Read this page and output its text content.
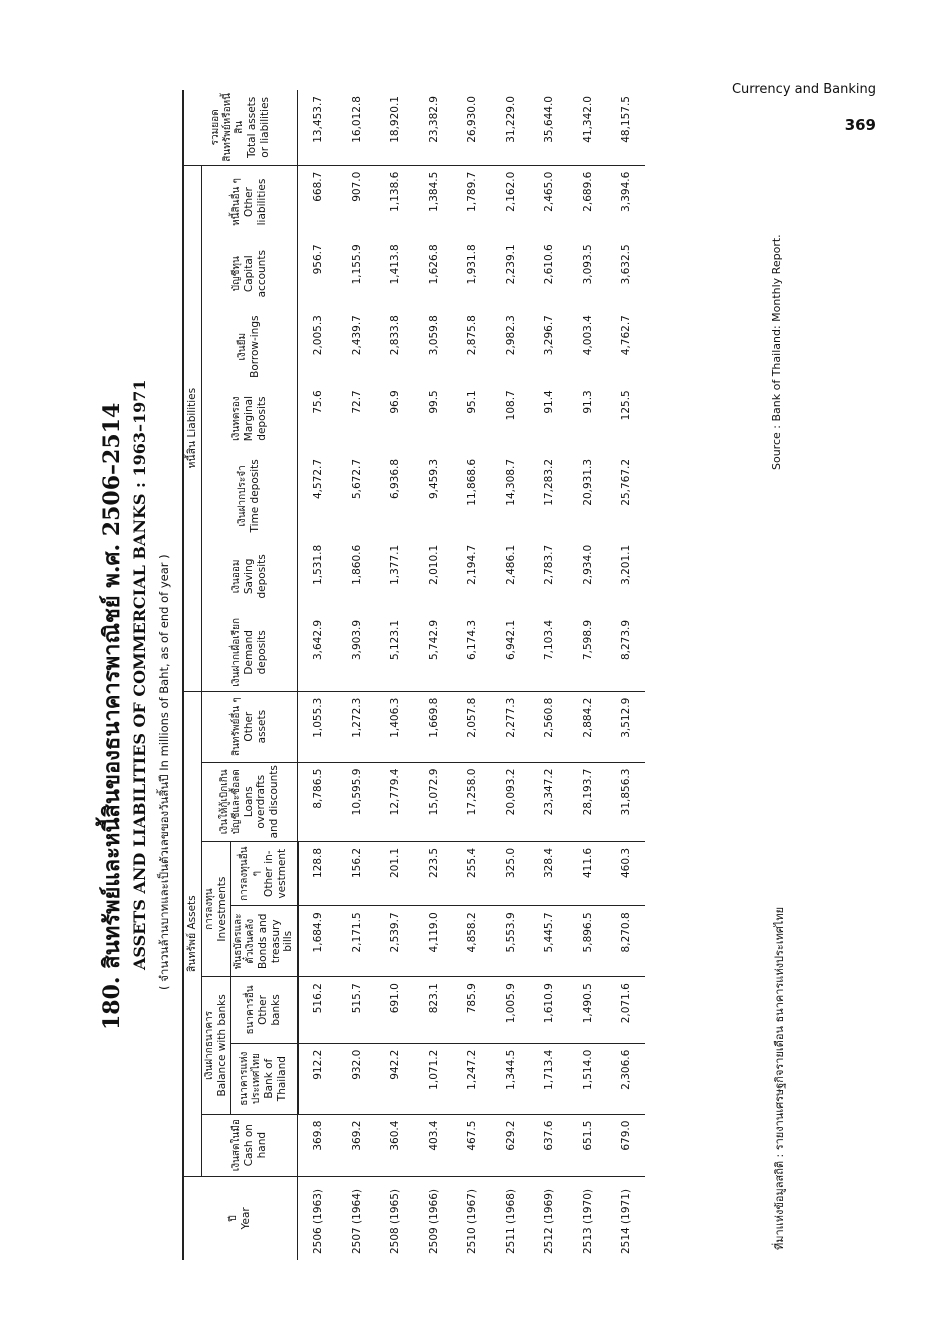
Currency and Banking
369
180. สินทรัพย์และหนี้สินของธนาคารพาณิชย์ พ.ศ. 2506–2514 ASSETS AND LIABILITIES OF COMMERCIAL BANKS : 1963–1971 ( จำนวนล้านบาทและเป็นตัวเลขของวันสิ้นปี In millions of Baht, as of end of year )
ปี Year	สินทรัพย์ Assets							หนี้สิน Liabilities							รวมยอดสินทรัพย์หรือหนี้สิน Total assets or liabilities

	เงินสดในมือ Cash on hand	เงินฝากธนาคาร Balance with banks		การลงทุน Investments		เงินให้กู้เบิกเกินบัญชีและซื้อลด Loans overdrafts and discounts	สินทรัพย์อื่น ๆ Other assets	เงินฝากเผื่อเรียก Demand deposits	เงินออม Saving deposits	เงินฝากประจำ Time deposits	เงินทดรอง Marginal deposits	เงินยืม Borrow-ings	บัญชีทุน Capital accounts	หนี้สินอื่น ๆ Other liabilities	

		ธนาคารแห่งประเทศไทย Bank of Thailand	ธนาคารอื่น Other banks	พันธบัตรและตั๋วเงินคลัง Bonds and treasury bills	การลงทุนอื่น ๆ Other in-vestment										

2506 (1963)	369.8	912.2	516.2	1,684.9	128.8	8,786.5	1,055.3	3,642.9	1,531.8	4,572.7	75.6	2,005.3	956.7	668.7	13,453.7
2507 (1964)	369.2	932.0	515.7	2,171.5	156.2	10,595.9	1,272.3	3,903.9	1,860.6	5,672.7	72.7	2,439.7	1,155.9	907.0	16,012.8
2508 (1965)	360.4	942.2	691.0	2,539.7	201.1	12,779.4	1,406.3	5,123.1	1,377.1	6,936.8	96.9	2,833.8	1,413.8	1,138.6	18,920.1
2509 (1966)	403.4	1,071.2	823.1	4,119.0	223.5	15,072.9	1,669.8	5,742.9	2,010.1	9,459.3	99.5	3,059.8	1,626.8	1,384.5	23,382.9
2510 (1967)	467.5	1,247.2	785.9	4,858.2	255.4	17,258.0	2,057.8	6,174.3	2,194.7	11,868.6	95.1	2,875.8	1,931.8	1,789.7	26,930.0
2511 (1968)	629.2	1,344.5	1,005.9	5,553.9	325.0	20,093.2	2,277.3	6,942.1	2,486.1	14,308.7	108.7	2,982.3	2,239.1	2,162.0	31,229.0
2512 (1969)	637.6	1,713.4	1,610.9	5,445.7	328.4	23,347.2	2,560.8	7,103.4	2,783.7	17,283.2	91.4	3,296.7	2,610.6	2,465.0	35,644.0
2513 (1970)	651.5	1,514.0	1,490.5	5,896.5	411.6	28,193.7	2,884.2	7,598.9	2,934.0	20,931.3	91.3	4,003.4	3,093.5	2,689.6	41,342.0
2514 (1971)	679.0	2,306.6	2,071.6	8,270.8	460.3	31,856.3	3,512.9	8,273.9	3,201.1	25,767.2	125.5	4,762.7	3,632.5	3,394.6	48,157.5
ที่มาแห่งข้อมูลสถิติ : รายงานเศรษฐกิจรายเดือน ธนาคารแห่งประเทศไทย
Source : Bank of Thailand: Monthly Report.
